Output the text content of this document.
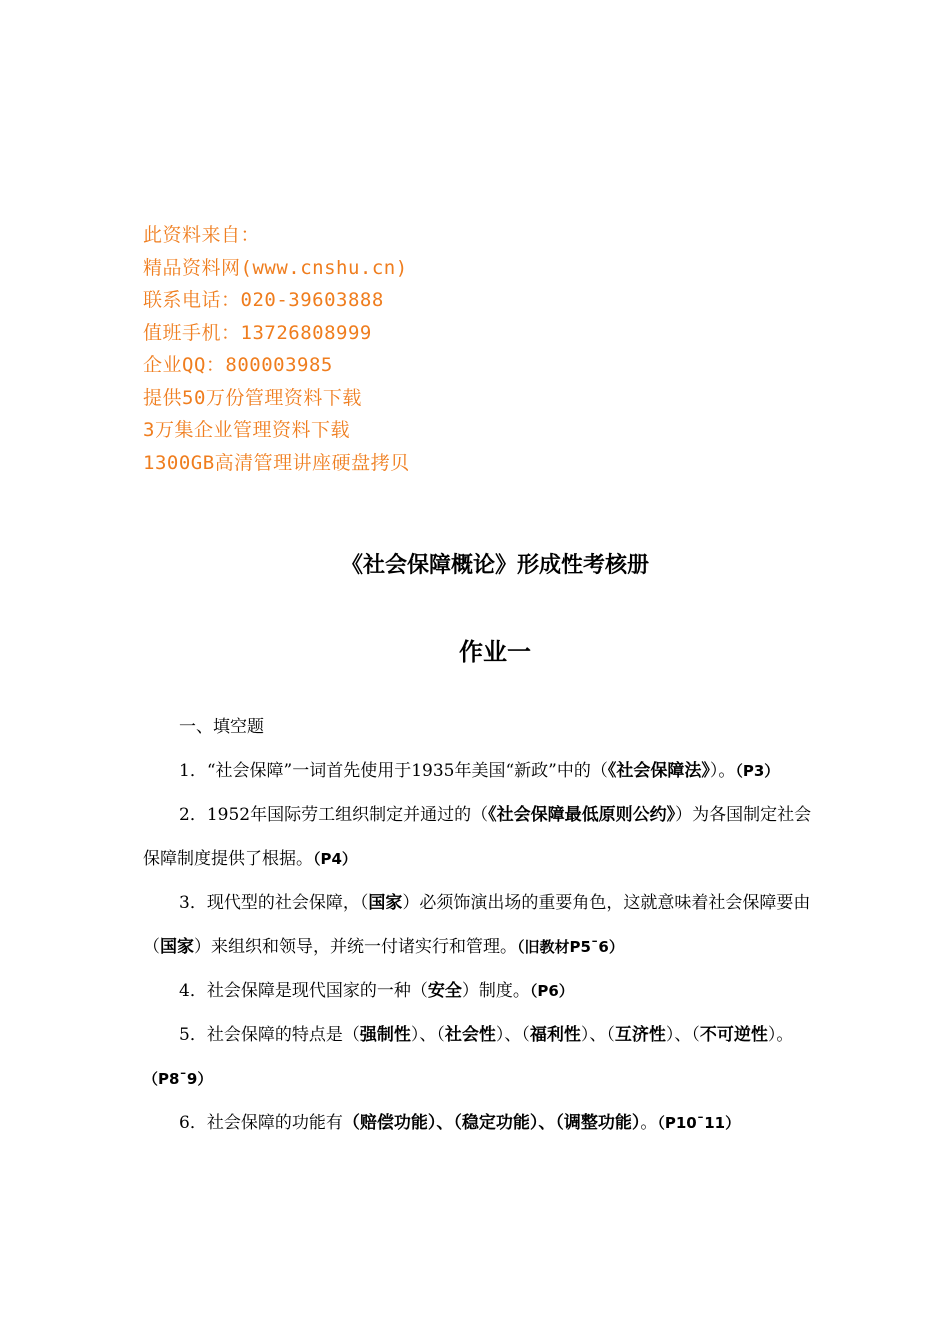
此资料来自：
精品资料网(www.cnshu.cn)
联系电话：020-39603888
值班手机：13726808999
企业QQ：800003985
提供50万份管理资料下载
3万集企业管理资料下载
1300GB高清管理讲座硬盘拷贝
《社会保障概论》形成性考核册
作业一

一、填空题

1．“社会保障”一词首先使用于1935年美国“新政”中的（《社会保障法》）。（P3）

2．1952年国际劳工组织制定并通过的（《社会保障最低原则公约》）为各国制定社会保障制度提供了根据。（P4）

3．现代型的社会保障，（国家）必须饰演出场的重要角色，这就意味着社会保障要由（国家）来组织和领导，并统一付诸实行和管理。（旧教材P5¯6）

4．社会保障是现代国家的一种（安全）制度。（P6）

5．社会保障的特点是（强制性）、（社会性）、（福利性）、（互济性）、（不可逆性）。（P8¯9）

6．社会保障的功能有（赔偿功能）、（稳定功能）、（调整功能）。（P10¯11）
